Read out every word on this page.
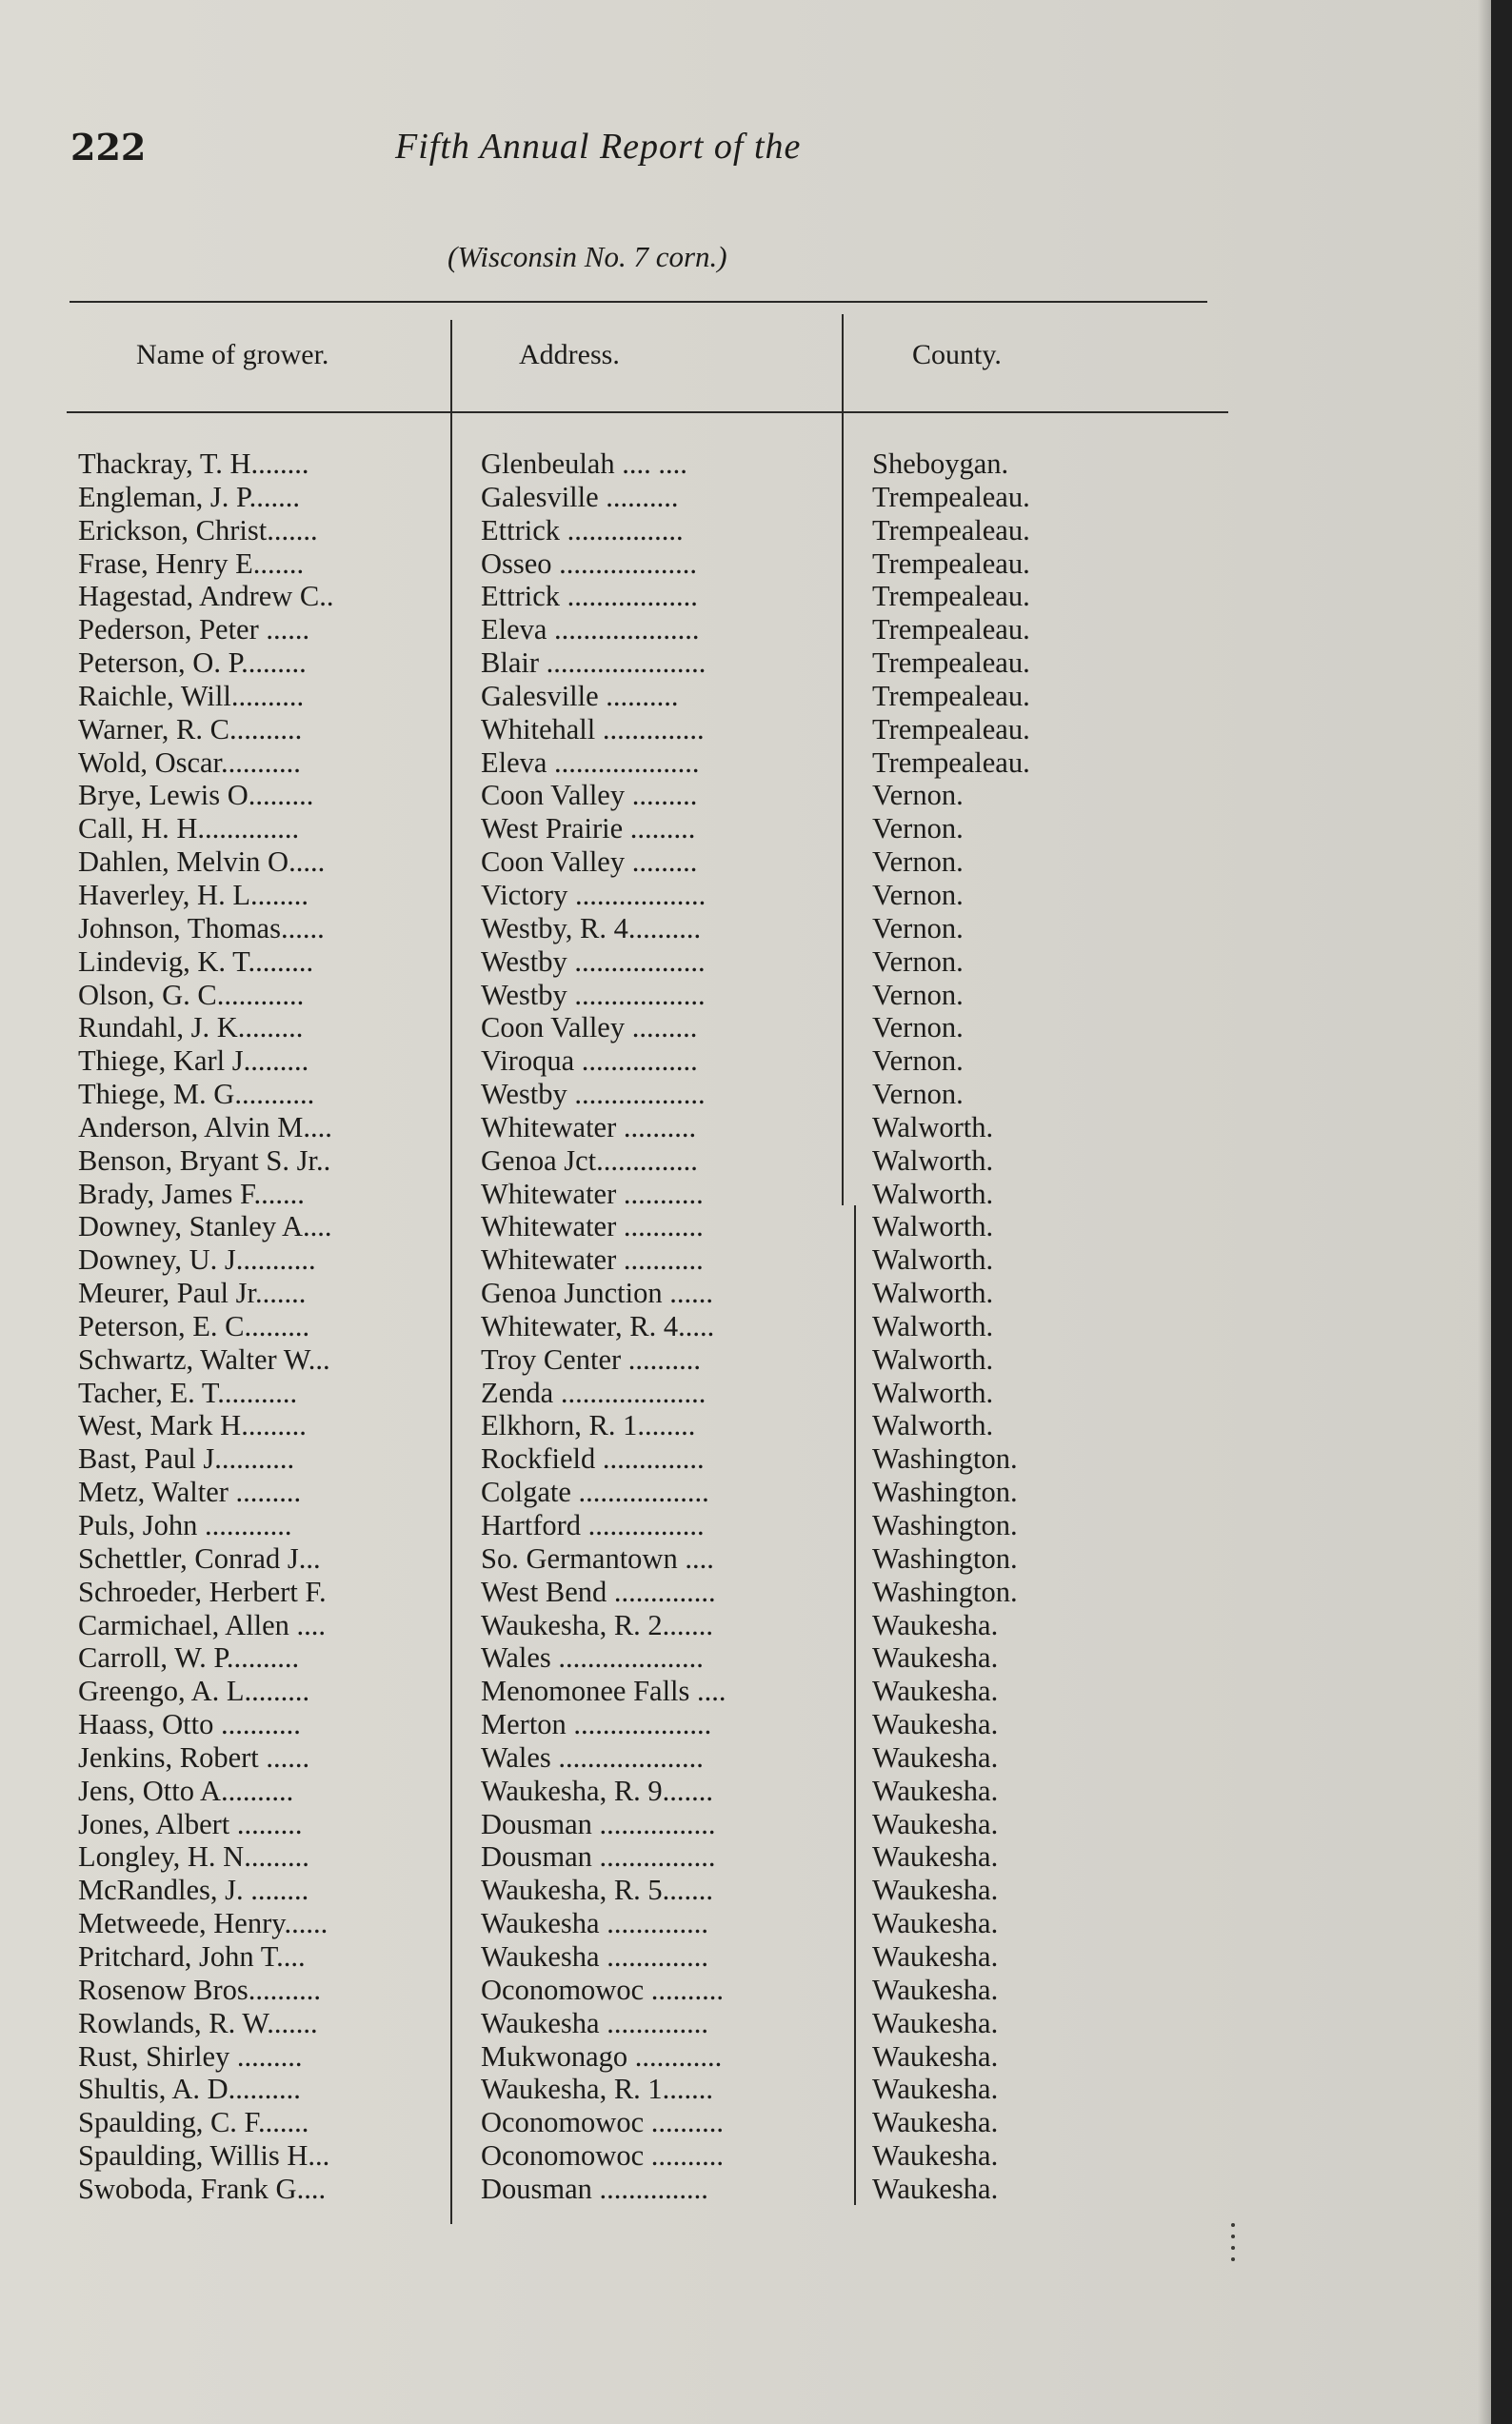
222	Fifth Annual Report of the
(Wisconsin No. 7 corn.)
Name of grower.	Address.	County.
Thackray, T. H........	Glenbeulah .... ....	Sheboygan.
Engleman, J. P.......	Galesville ..........	Trempealeau.
Erickson, Christ.......	Ettrick ................	Trempealeau.
Frase, Henry E.......	Osseo ...................	Trempealeau.
Hagestad, Andrew C..	Ettrick ..................	Trempealeau.
Pederson, Peter ......	Eleva ....................	Trempealeau.
Peterson, O. P.........	Blair ......................	Trempealeau.
Raichle, Will..........	Galesville ..........	Trempealeau.
Warner, R. C..........	Whitehall ..............	Trempealeau.
Wold, Oscar...........	Eleva ....................	Trempealeau.
Brye, Lewis O.........	Coon Valley .........	Vernon.
Call, H. H..............	West Prairie .........	Vernon.
Dahlen, Melvin O.....	Coon Valley .........	Vernon.
Haverley, H. L........	Victory ..................	Vernon.
Johnson, Thomas......	Westby, R. 4..........	Vernon.
Lindevig, K. T.........	Westby ..................	Vernon.
Olson, G. C............	Westby ..................	Vernon.
Rundahl, J. K.........	Coon Valley .........	Vernon.
Thiege, Karl J.........	Viroqua ................	Vernon.
Thiege, M. G...........	Westby ..................	Vernon.
Anderson, Alvin M....	Whitewater ..........	Walworth.
Benson, Bryant S. Jr..	Genoa Jct..............	Walworth.
Brady, James F.......	Whitewater ...........	Walworth.
Downey, Stanley A....	Whitewater ...........	Walworth.
Downey, U. J...........	Whitewater ...........	Walworth.
Meurer, Paul Jr.......	Genoa Junction ......	Walworth.
Peterson, E. C.........	Whitewater, R. 4.....	Walworth.
Schwartz, Walter W...	Troy Center ..........	Walworth.
Tacher, E. T...........	Zenda ....................	Walworth.
West, Mark H.........	Elkhorn, R. 1........	Walworth.
Bast, Paul J...........	Rockfield ..............	Washington.
Metz, Walter .........	Colgate ..................	Washington.
Puls, John ............	Hartford ................	Washington.
Schettler, Conrad J...	So. Germantown ....	Washington.
Schroeder, Herbert F.	West Bend ..............	Washington.
Carmichael, Allen ....	Waukesha, R. 2.......	Waukesha.
Carroll, W. P..........	Wales ....................	Waukesha.
Greengo, A. L.........	Menomonee Falls ....	Waukesha.
Haass, Otto ...........	Merton ...................	Waukesha.
Jenkins, Robert ......	Wales ....................	Waukesha.
Jens, Otto A..........	Waukesha, R. 9.......	Waukesha.
Jones, Albert .........	Dousman ................	Waukesha.
Longley, H. N.........	Dousman ................	Waukesha.
McRandles, J. ........	Waukesha, R. 5.......	Waukesha.
Metweede, Henry......	Waukesha ..............	Waukesha.
Pritchard, John T....	Waukesha ..............	Waukesha.
Rosenow Bros..........	Oconomowoc ..........	Waukesha.
Rowlands, R. W.......	Waukesha ..............	Waukesha.
Rust, Shirley .........	Mukwonago ............	Waukesha.
Shultis, A. D..........	Waukesha, R. 1.......	Waukesha.
Spaulding, C. F.......	Oconomowoc ..........	Waukesha.
Spaulding, Willis H...	Oconomowoc ..........	Waukesha.
Swoboda, Frank G....	Dousman ...............	Waukesha.
